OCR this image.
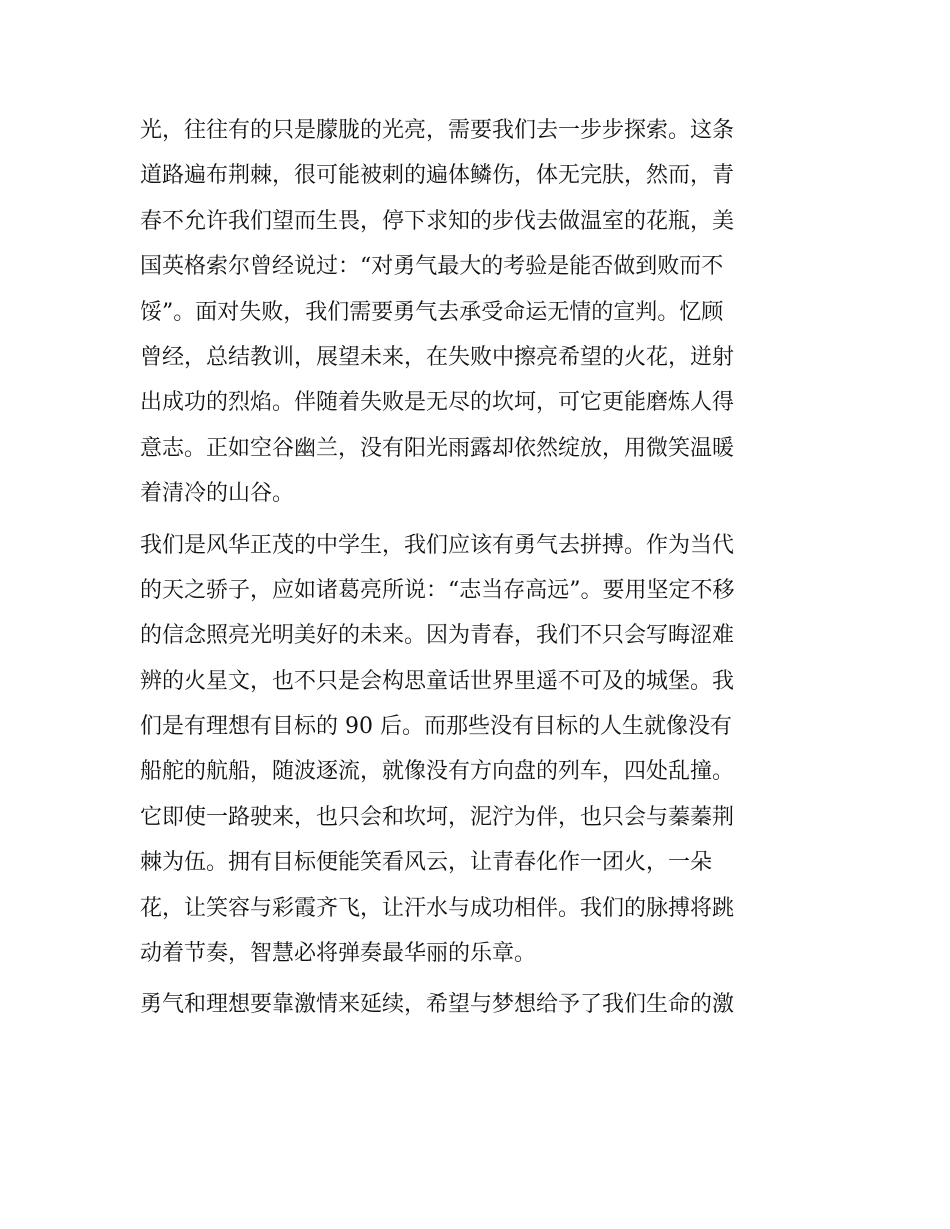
光，往往有的只是朦胧的光亮，需要我们去一步步探索。这条
道路遍布荆棘，很可能被刺的遍体鳞伤，体无完肤，然而，青
春不允许我们望而生畏，停下求知的步伐去做温室的花瓶，美
国英格索尔曾经说过：“对勇气最大的考验是能否做到败而不
馁”。面对失败，我们需要勇气去承受命运无情的宣判。忆顾
曾经，总结教训，展望未来，在失败中擦亮希望的火花，迸射
出成功的烈焰。伴随着失败是无尽的坎坷，可它更能磨炼人得
意志。正如空谷幽兰，没有阳光雨露却依然绽放，用微笑温暖
着清冷的山谷。
我们是风华正茂的中学生，我们应该有勇气去拼搏。作为当代
的天之骄子，应如诸葛亮所说：“志当存高远”。要用坚定不移
的信念照亮光明美好的未来。因为青春，我们不只会写晦涩难
辨的火星文，也不只是会构思童话世界里遥不可及的城堡。我
们是有理想有目标的 90 后。而那些没有目标的人生就像没有
船舵的航船，随波逐流，就像没有方向盘的列车，四处乱撞。
它即使一路驶来，也只会和坎坷，泥泞为伴，也只会与蓁蓁荆
棘为伍。拥有目标便能笑看风云，让青春化作一团火，一朵
花，让笑容与彩霞齐飞，让汗水与成功相伴。我们的脉搏将跳
动着节奏，智慧必将弹奏最华丽的乐章。
勇气和理想要靠激情来延续，希望与梦想给予了我们生命的激
